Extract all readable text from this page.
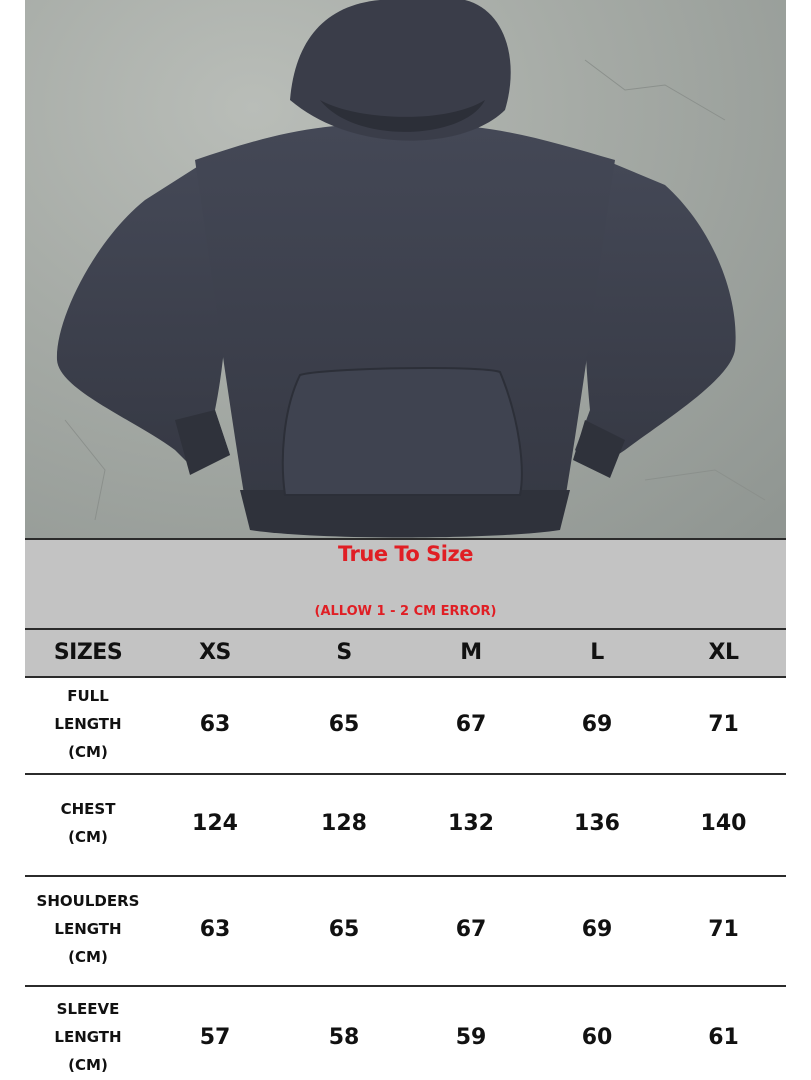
True To Size
(ALLOW 1 - 2 CM ERROR)
SIZES	XS	S	M	L	XL
FULL
LENGTH
(CM)
63	65	67	69	71
CHEST
(CM)
124	128	132	136	140
SHOULDERS
LENGTH
(CM)
63	65	67	69	71
SLEEVE
LENGTH
(CM)
57	58	59	60	61
